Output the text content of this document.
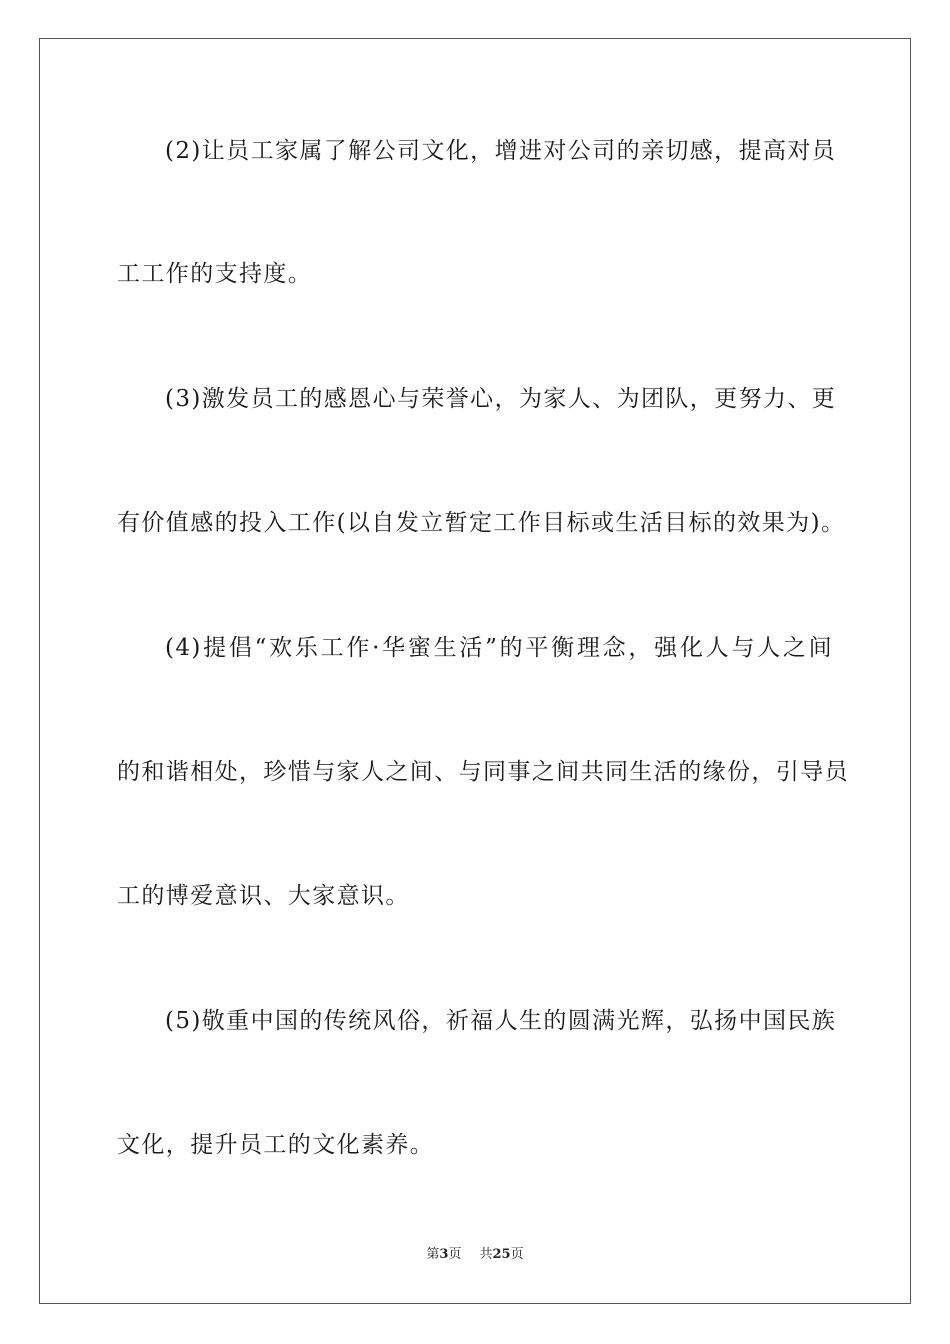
(2)让员工家属了解公司文化，增进对公司的亲切感，提高对员
工工作的支持度。
(3)激发员工的感恩心与荣誉心，为家人、为团队，更努力、更
有价值感的投入工作(以自发立暂定工作目标或生活目标的效果为)。
(4)提倡“欢乐工作·华蜜生活”的平衡理念，强化人与人之间
的和谐相处，珍惜与家人之间、与同事之间共同生活的缘份，引导员
工的博爱意识、大家意识。
(5)敬重中国的传统风俗，祈福人生的圆满光辉，弘扬中国民族
文化，提升员工的文化素养。
第3页 共25页
